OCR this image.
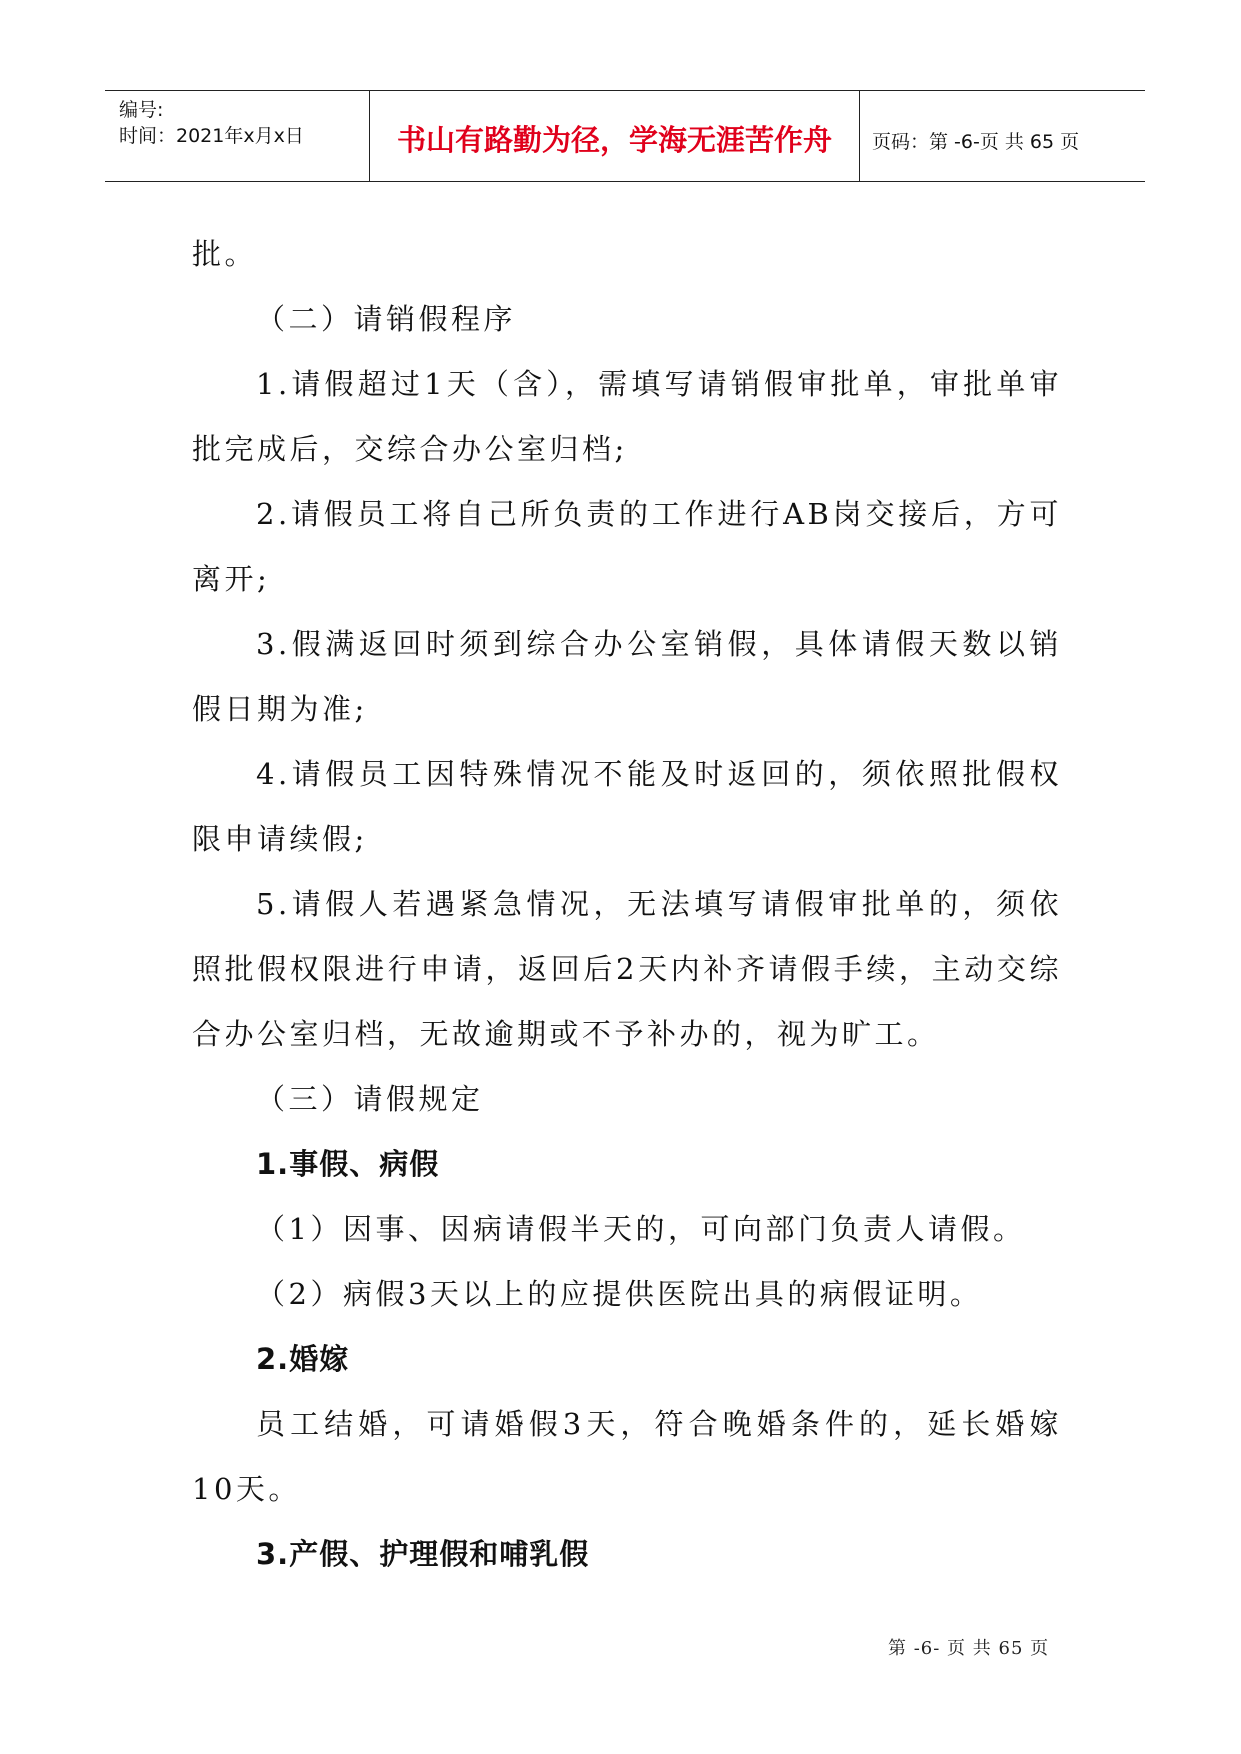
编号:
时间：2021年x月x日	书山有路勤为径，学海无涯苦作舟 页码：第 -6-页 共 65 页

批。

（二）请销假程序

1.请假超过1天（含），需填写请销假审批单，审批单审批完成后，交综合办公室归档;

2.请假员工将自己所负责的工作进行AB岗交接后，方可离开;

3.假满返回时须到综合办公室销假，具体请假天数以销假日期为准;

4.请假员工因特殊情况不能及时返回的，须依照批假权限申请续假;

5.请假人若遇紧急情况，无法填写请假审批单的，须依照批假权限进行申请，返回后2天内补齐请假手续，主动交综合办公室归档，无故逾期或不予补办的，视为旷工。

（三）请假规定

1.事假、病假

（1）因事、因病请假半天的，可向部门负责人请假。

（2）病假3天以上的应提供医院出具的病假证明。

2.婚嫁

员工结婚，可请婚假3天，符合晚婚条件的，延长婚嫁10天。

3.产假、护理假和哺乳假

第 -6- 页 共 65 页
